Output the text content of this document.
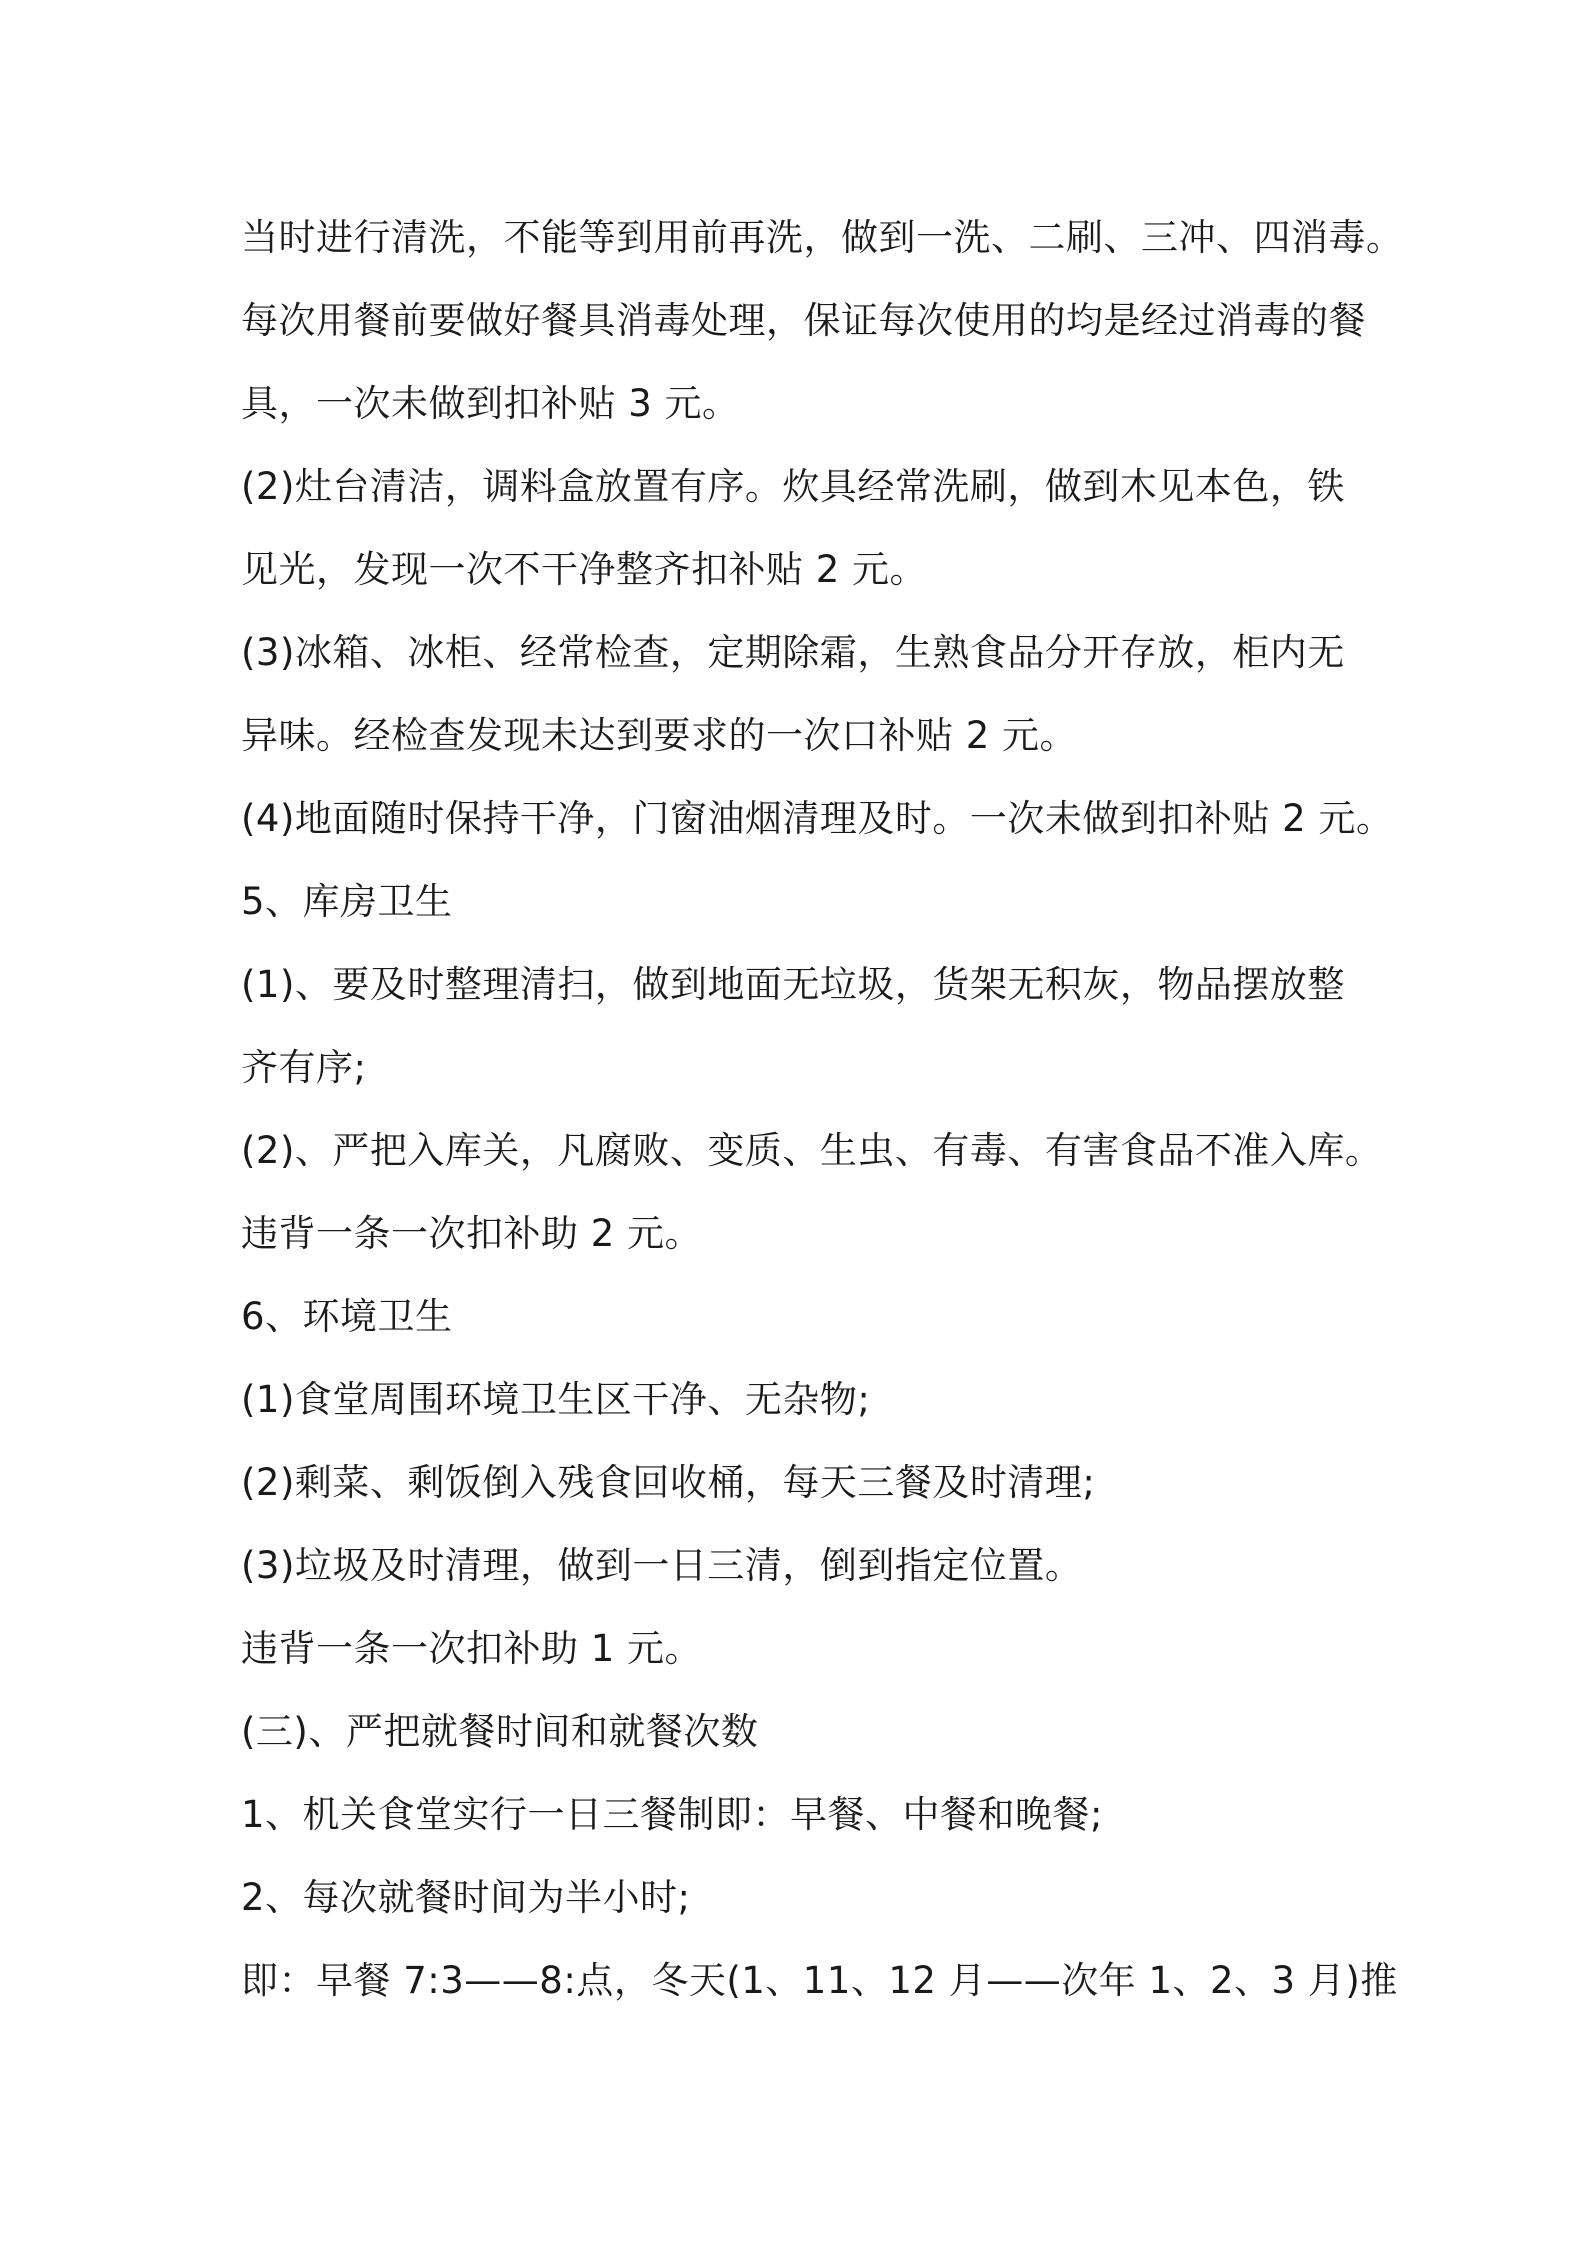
当时进行清洗，不能等到用前再洗，做到一洗、二刷、三冲、四消毒。
每次用餐前要做好餐具消毒处理，保证每次使用的均是经过消毒的餐
具，一次未做到扣补贴 3 元。
(2)灶台清洁，调料盒放置有序。炊具经常洗刷，做到木见本色，铁
见光，发现一次不干净整齐扣补贴 2 元。
(3)冰箱、冰柜、经常检查，定期除霜，生熟食品分开存放，柜内无
异味。经检查发现未达到要求的一次口补贴 2 元。
(4)地面随时保持干净，门窗油烟清理及时。一次未做到扣补贴 2 元。
5、库房卫生
(1)、要及时整理清扫，做到地面无垃圾，货架无积灰，物品摆放整
齐有序;
(2)、严把入库关，凡腐败、变质、生虫、有毒、有害食品不准入库。
违背一条一次扣补助 2 元。
6、环境卫生
(1)食堂周围环境卫生区干净、无杂物;
(2)剩菜、剩饭倒入残食回收桶，每天三餐及时清理;
(3)垃圾及时清理，做到一日三清，倒到指定位置。
违背一条一次扣补助 1 元。
(三)、严把就餐时间和就餐次数
1、机关食堂实行一日三餐制即：早餐、中餐和晚餐;
2、每次就餐时间为半小时;
即：早餐 7:3——8:点，冬天(1、11、12 月——次年 1、2、3 月)推
